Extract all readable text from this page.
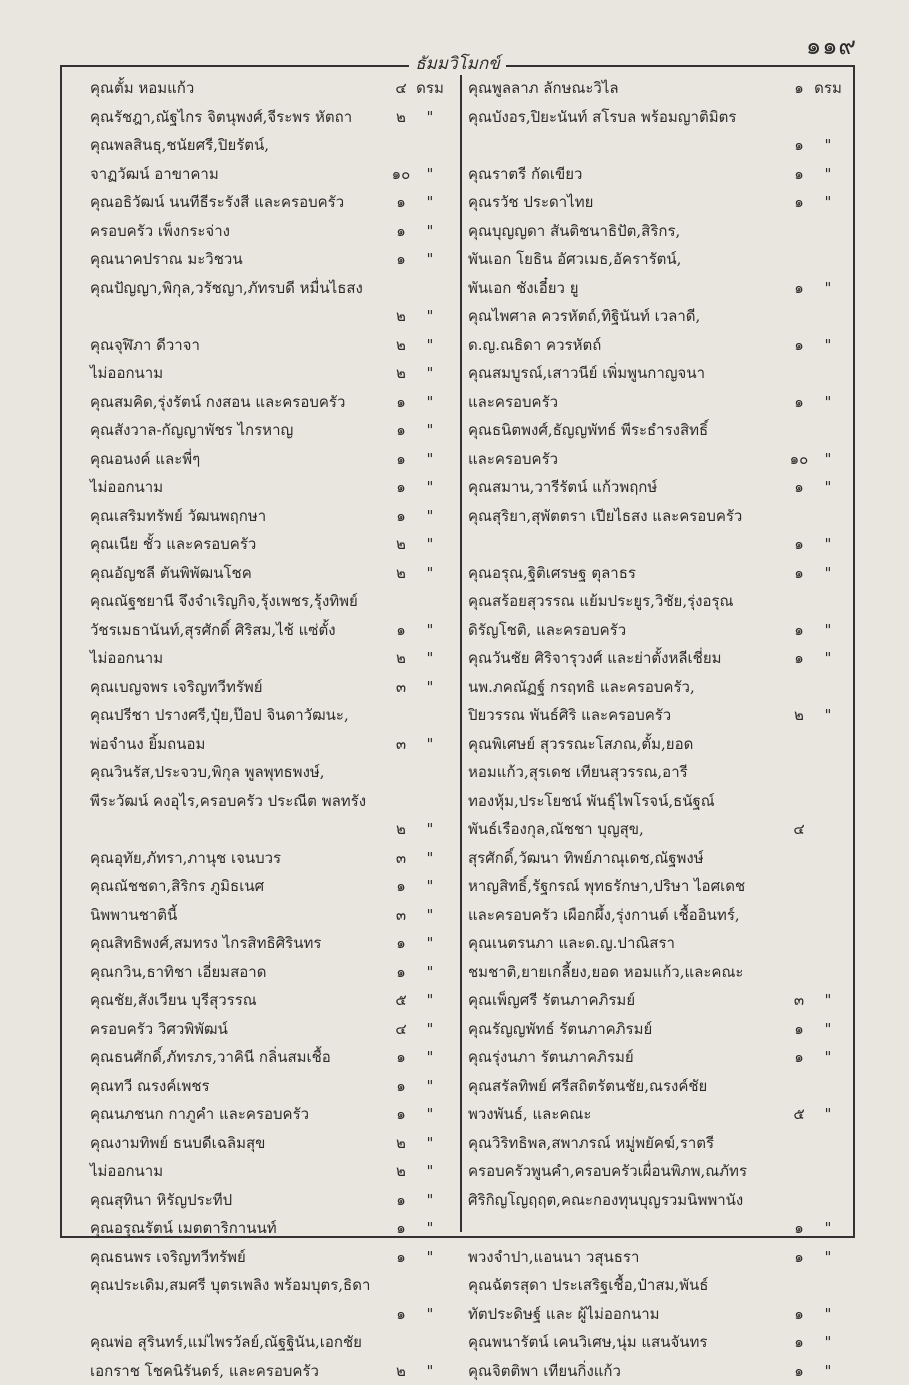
๑๑๙
ธัมมวิโมกข์
คุณตั้ม หอมแก้ว	๔ ดรม
คุณรัชฎา,ณัฐไกร จิตนุพงศ์,จีระพร หัตถา	๒	"
คุณพลสินธุ,ชนัยศรี,ปิยรัตน์,
จาฏวัฒน์ อาขาคาม	๑๐	"
คุณอธิวัฒน์ นนทีธีระรังสี และครอบครัว	๑	"
ครอบครัว เพ็งกระจ่าง	๑	"
คุณนาคปราณ มะวิชวน	๑	"
คุณปัญญา,พิกุล,วรัชญา,ภัทรบดี หมื่นไธสง
๒	"
คุณจุฬิภา ดีวาจา	๒	"
ไม่ออกนาม	๒	"
คุณสมคิด,รุ่งรัตน์ กงสอน และครอบครัว	๑	"
คุณสังวาล-กัญญาพัชร ไกรหาญ	๑	"
คุณอนงค์ และพี่ๆ	๑	"
ไม่ออกนาม	๑	"
คุณเสริมทรัพย์ วัฒนพฤกษา	๑	"
คุณเนีย ชั้ว และครอบครัว	๒	"
คุณอัญชลี ตันพิพัฒนโชค	๒	"
คุณณัฐชยานี จึงจำเริญกิจ,รุ้งเพชร,รุ้งทิพย์
วัชรเมธานันท์,สุรศักดิ์ ศิริสม,ไช้ แซ่ตั้ง	๑	"
ไม่ออกนาม	๒	"
คุณเบญจพร เจริญทวีทรัพย์	๓	"
คุณปรีชา ปรางศรี,ปุ๋ย,ป๊อป จินดาวัฒนะ,
พ่อจำนง ยิ้มถนอม	๓	"
คุณวินรัส,ประจวบ,พิกุล พูลพุทธพงษ์,
พีระวัฒน์ คงอุไร,ครอบครัว ประณีต พลทรัง
๒	"
คุณอุทัย,ภัทรา,ภานุช เจนบวร	๓	"
คุณณัชชดา,สิริกร ภูมิธเนศ	๑	"
นิพพานชาตินี้	๓	"
คุณสิทธิพงศ์,สมทรง ไกรสิทธิศิรินทร	๑	"
คุณกวิน,ธาทิชา เอี่ยมสอาด	๑	"
คุณชัย,สังเวียน บุรีสุวรรณ	๕	"
ครอบครัว วิศวพิพัฒน์	๔	"
คุณธนศักดิ์,ภัทรภร,วาคินี กลิ่นสมเชื้อ	๑	"
คุณทวี ณรงค์เพชร	๑	"
คุณนภชนก กาภูคำ และครอบครัว	๑	"
คุณงามทิพย์ ธนบดีเฉลิมสุข	๒	"
ไม่ออกนาม	๒	"
คุณสุทินา หิรัญประทีป	๑	"
คุณอรุณรัตน์ เมตตาริกานนท์	๑	"
คุณธนพร เจริญทวีทรัพย์	๑	"
คุณประเดิม,สมศรี บุตรเพลิง พร้อมบุตร,ธิดา
๑	"
คุณพ่อ สุรินทร์,แม่ไพรวัลย์,ณัฐฐินัน,เอกชัย
เอกราช โชคนิรันดร์, และครอบครัว	๒	"
คุณพูลลาภ ลักษณะวิไล	๑ ดรม
คุณบังอร,ปิยะนันท์ สโรบล พร้อมญาติมิตร
๑	"
คุณราตรี กัดเขียว	๑	"
คุณรวัช ประดาไทย	๑	"
คุณบุญญดา สันติชนาธิปัต,สิริกร,
พันเอก โยธิน อัศวเมธ,อัครารัตน์,
พันเอก ชังเอี๋ยว ยู	๑	"
คุณไพศาล ควรหัตถ์,ทิฐินันท์ เวลาดี,
ด.ญ.ณธิดา ควรหัตถ์	๑	"
คุณสมบูรณ์,เสาวนีย์ เพิ่มพูนกาญจนา
และครอบครัว	๑	"
คุณธนิตพงศ์,ธัญญพัทธ์ พีระธำรงสิทธิ์
และครอบครัว	๑๐	"
คุณสมาน,วารีรัตน์ แก้วพฤกษ์	๑	"
คุณสุริยา,สุพัตตรา เปียไธสง และครอบครัว
๑	"
คุณอรุณ,ฐิติเศรษฐ ตุลาธร	๑	"
คุณสร้อยสุวรรณ แย้มประยูร,วิชัย,รุ่งอรุณ
ดิรัญโชติ, และครอบครัว	๑	"
คุณวันชัย ศิริจารุวงศ์ และย่าตั้งหลีเชี่ยม	๑	"
นพ.ภคณัฏฐ์ กรฤทธิ และครอบครัว,
ปิยวรรณ พันธ์ศิริ และครอบครัว	๒	"
คุณพิเศษย์ สุวรรณะโสภณ,ตั้ม,ยอด
หอมแก้ว,สุรเดช เทียนสุวรรณ,อารี
ทองหุ้ม,ประโยชน์ พันธุ์ไพโรจน์,ธนัฐณ์
พันธ์เรืองกุล,ณัชชา บุญสุข,	๔
สุรศักดิ์,วัฒนา ทิพย์ภาณุเดช,ณัฐพงษ์
หาญสิทธิ์,รัฐกรณ์ พุทธรักษา,ปริษา ไอศเดช
และครอบครัว เผือกผึ้ง,รุ่งกานต์ เชื้ออินทร์,
คุณเนตรนภา และด.ญ.ปาณิสรา
ชมชาติ,ยายเกลี้ยง,ยอด หอมแก้ว,และคณะ
คุณเพ็ญศรี รัตนภาคภิรมย์	๓	"
คุณรัญญพัทธ์ รัตนภาคภิรมย์	๑	"
คุณรุ่งนภา รัตนภาคภิรมย์	๑	"
คุณสรัลทิพย์ ศรีสถิตรัตนชัย,ณรงค์ชัย
พวงพันธ์, และคณะ	๕	"
คุณวิริทธิพล,สพาภรณ์ หมู่พยัคฆ์,ราตรี
ครอบครัวพูนคำ,ครอบครัวเผื่อนพิภพ,ณภัทร
ศิริกิญโญฤฤต,คณะกองทุนบุญรวมนิพพานัง
๑	"
พวงจำปา,แอนนา วสุนธรา	๑	"
คุณฉัตรสุดา ประเสริฐเชื้อ,ป๋าสม,พันธ์
ทัตประดิษฐ์ และ ผู้ไม่ออกนาม	๑	"
คุณพนารัตน์ เคนวิเศษ,นุ่ม แสนจันทร	๑	"
คุณจิตติพา เทียนกิ่งแก้ว	๑	"
